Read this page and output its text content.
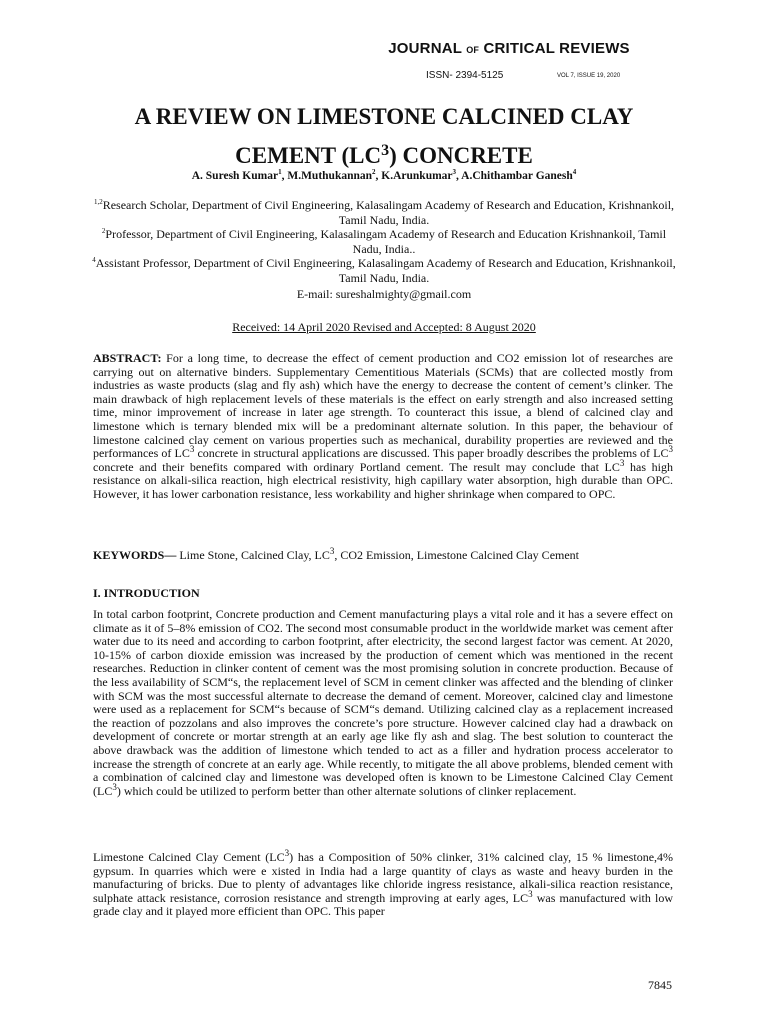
JOURNAL OF CRITICAL REVIEWS
ISSN- 2394-5125	VOL 7, ISSUE 19, 2020
A REVIEW ON LIMESTONE CALCINED CLAY
CEMENT $(LC^3)$ CONCRETE
A. Suresh Kumar$^1$, M.Muthukannan$^2$, K.Arunkumar$^3$, A.Chithambar Ganesh$^4$

$^{1,2}$Research Scholar, Department of Civil Engineering, Kalasalingam Academy of Research and Education, Krishnankoil, Tamil Nadu, India.

$^2$Professor, Department of Civil Engineering, Kalasalingam Academy of Research and Education Krishnankoil, Tamil Nadu, India..

$^4$Assistant Professor, Department of Civil Engineering, Kalasalingam Academy of Research and Education, Krishnankoil, Tamil Nadu, India.

E-mail: sureshalmighty@gmail.com
Received: 14 April 2020 Revised and Accepted: 8 August 2020

ABSTRACT: For a long time, to decrease the effect of cement production and CO2 emission lot of researches are carrying out on alternative binders. Supplementary Cementitious Materials (SCMs) that are collected mostly from industries as waste products (slag and fly ash) which have the energy to decrease the content of cement’s clinker. The main drawback of high replacement levels of these materials is the effect on early strength and also increased setting time, minor improvement of increase in later age strength. To counteract this issue, a blend of calcined clay and limestone which is ternary blended mix will be a predominant alternate solution. In this paper, the behaviour of limestone calcined clay cement on various properties such as mechanical, durability properties are reviewed and the performances of $LC^3$ concrete in structural applications are discussed. This paper broadly describes the problems of $LC^3$ concrete and their benefits compared with ordinary Portland cement. The result may conclude that $LC^3$ has high resistance on alkali-silica reaction, high electrical resistivity, high capillary water absorption, high durable than OPC. However, it has lower carbonation resistance, less workability and higher shrinkage when compared to OPC.

KEYWORDS— Lime Stone, Calcined Clay, $LC^3$, CO2 Emission, Limestone Calcined Clay Cement

I. INTRODUCTION

In total carbon footprint, Concrete production and Cement manufacturing plays a vital role and it has a severe effect on climate as it of 5–8% emission of CO2. The second most consumable product in the worldwide market was cement after water due to its need and according to carbon footprint, after electricity, the second largest factor was cement. At 2020, 10-15% of carbon dioxide emission was increased by the production of cement which was mentioned in the recent researches. Reduction in clinker content of cement was the most promising solution in concrete production. Because of the less availability of SCM“s, the replacement level of SCM in cement clinker was affected and the blending of clinker with SCM was the most successful alternate to decrease the demand of cement. Moreover, calcined clay and limestone were used as a replacement for SCM“s because of SCM“s demand. Utilizing calcined clay as a replacement increased the reaction of pozzolans and also improves the concrete’s pore structure. However calcined clay had a drawback on development of concrete or mortar strength at an early age like fly ash and slag. The best solution to counteract the above drawback was the addition of limestone which tended to act as a filler and hydration process accelerator to increase the strength of concrete at an early age. While recently, to mitigate the all above problems, blended cement with a combination of calcined clay and limestone was developed often is known to be Limestone Calcined Clay Cement $(LC^3)$ which could be utilized to perform better than other alternate solutions of clinker replacement.

Limestone Calcined Clay Cement $(LC^3)$ has a Composition of 50% clinker, 31% calcined clay, 15 % limestone,4% gypsum. In quarries which were e xisted in India had a large quantity of clays as waste and heavy burden in the manufacturing of bricks. Due to plenty of advantages like chloride ingress resistance, alkali-silica reaction resistance, sulphate attack resistance, corrosion resistance and strength improving at early ages, $LC^3$ was manufactured with low grade clay and it played more efficient than OPC. This paper

7845
